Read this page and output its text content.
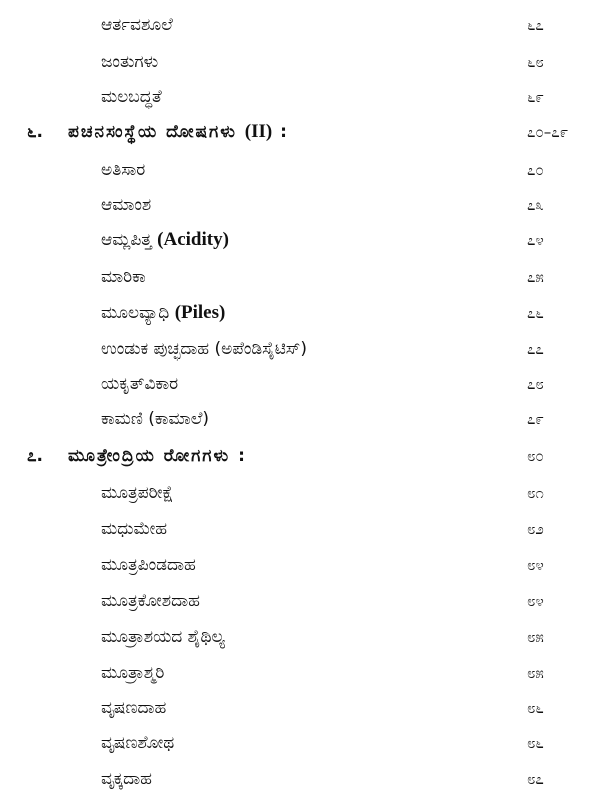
ಆರ್ತವಶೂಲೆ	೬೭
ಜಂತುಗಳು	೬೮
ಮಲಬದ್ಧತೆ	೬೯
೬. ಪಚನಸಂಸ್ಥೆಯ ದೋಷಗಳು (II) :	೭೦–೭೯
ಅತಿಸಾರ	೭೦
ಆಮಾಂಶ	೭೩
ಆಮ್ಲಪಿತ್ತ (Acidity)	೭೪
ಮಾರಿಕಾ	೭೫
ಮೂಲವ್ಯಾಧಿ (Piles)	೭೬
ಉಂಡುಕ ಪುಚ್ಛದಾಹ (ಅಪೆಂಡಿಸೈಟಿಸ್)	೭೭
ಯಕೃತ್‌ವಿಕಾರ	೭೮
ಕಾಮಣಿ (ಕಾಮಾಲೆ)	೭೯
೭. ಮೂತ್ರೇಂದ್ರಿಯ ರೋಗಗಳು :	೮೦
ಮೂತ್ರಪರೀಕ್ಷೆ	೮೧
ಮಧುಮೇಹ	೮೨
ಮೂತ್ರಪಿಂಡದಾಹ	೮೪
ಮೂತ್ರಕೋಶದಾಹ	೮೪
ಮೂತ್ರಾಶಯದ ಶೈಥಿಲ್ಯ	೮೫
ಮೂತ್ರಾಶ್ಮರಿ	೮೫
ವೃಷಣದಾಹ	೮೬
ವೃಷಣಶೋಥ	೮೬
ವೃಕ್ಕದಾಹ	೮೭
